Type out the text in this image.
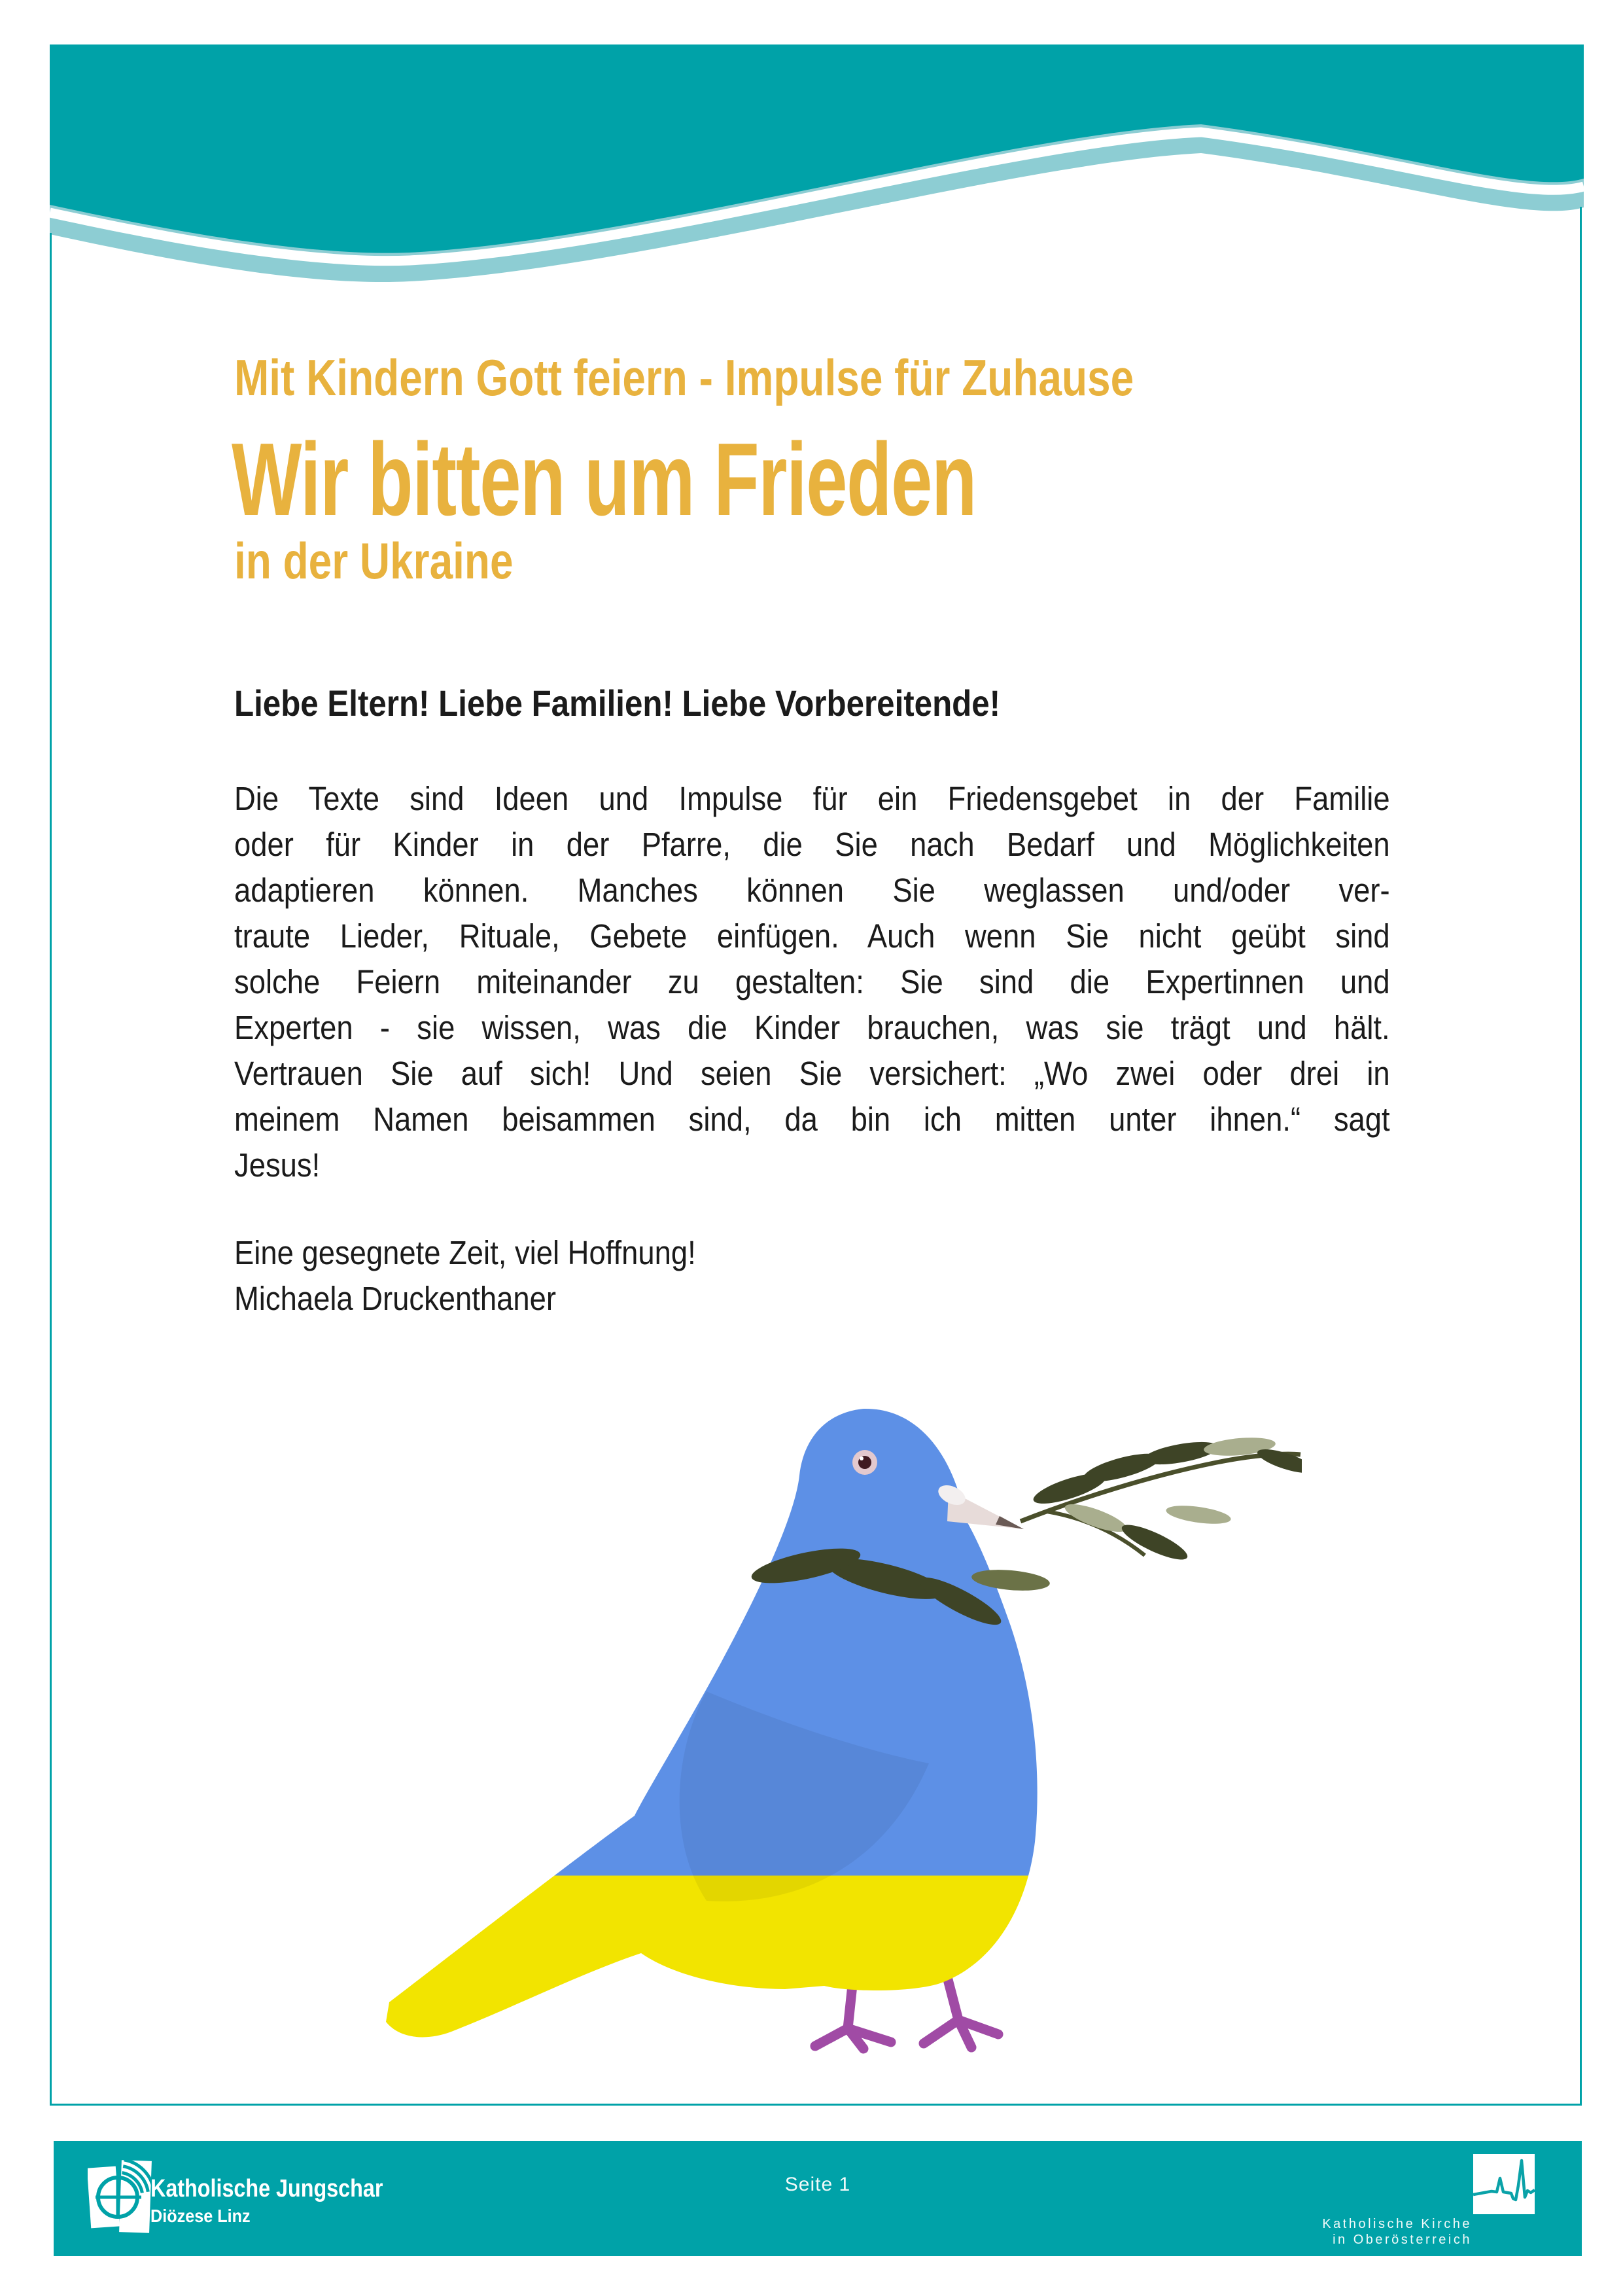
Mit Kindern Gott feiern - Impulse für Zuhause
Wir bitten um Frieden
in der Ukraine
Liebe Eltern! Liebe Familien! Liebe Vorbereitende!
Die Texte sind Ideen und Impulse für ein Friedensgebet in der Familie
oder für Kinder in der Pfarre, die Sie nach Bedarf und Möglichkeiten
adaptieren können. Manches können Sie weglassen und/oder ver-
traute Lieder, Rituale, Gebete einfügen. Auch wenn Sie nicht geübt sind
solche Feiern miteinander zu gestalten: Sie sind die Expertinnen und
Experten - sie wissen, was die Kinder brauchen, was sie trägt und hält.
Vertrauen Sie auf sich! Und seien Sie versichert: „Wo zwei oder drei in
meinem Namen beisammen sind, da bin ich mitten unter ihnen.“ sagt
Jesus!
Eine gesegnete Zeit, viel Hoffnung!
Michaela Druckenthaner
Katholische Jungschar
Diözese Linz
Seite 1
Katholische Kirche
in Oberösterreich
